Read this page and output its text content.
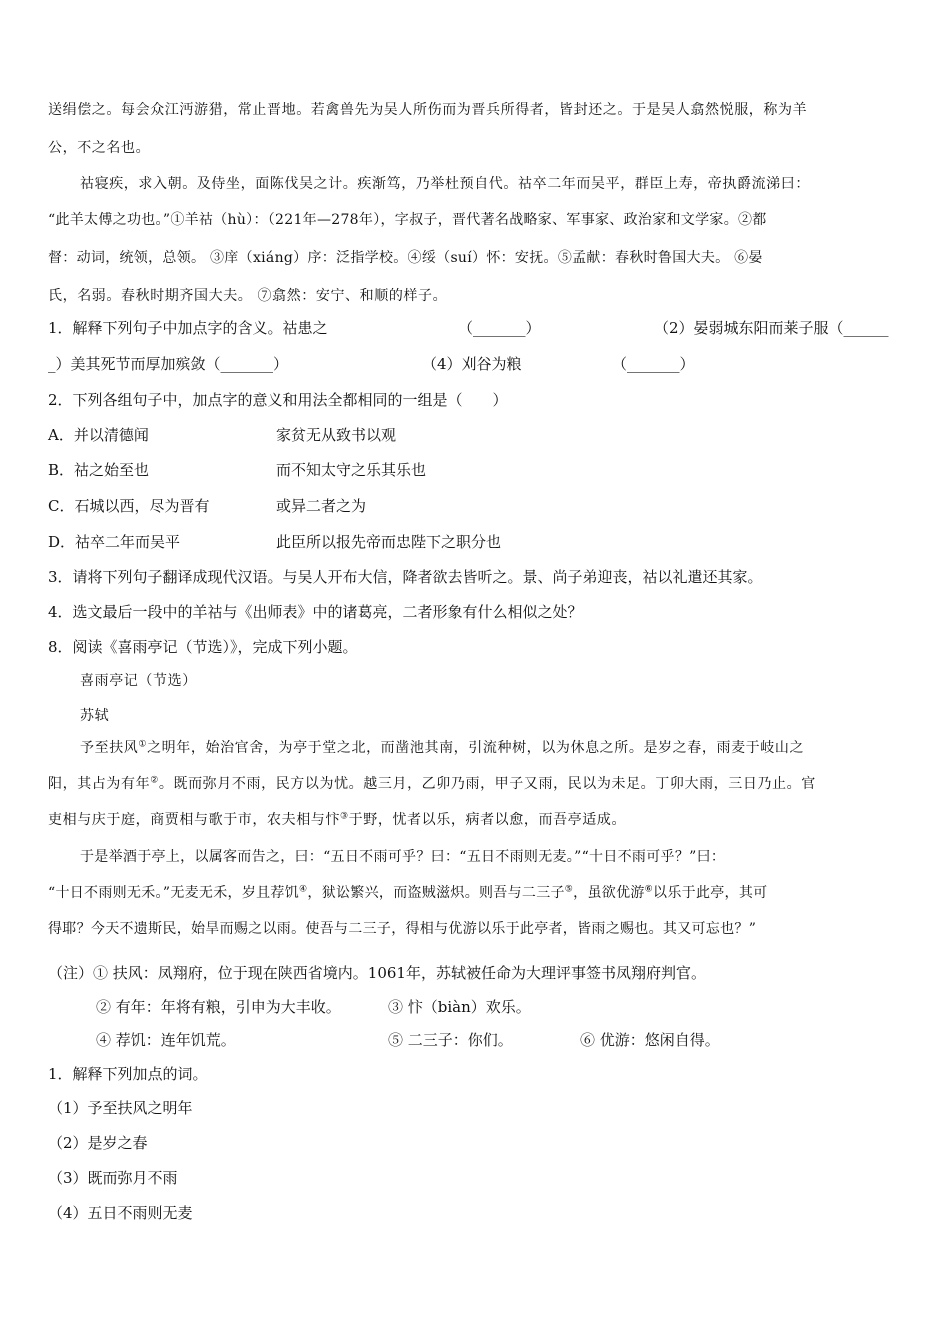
送绢偿之。每会众江沔游猎，常止晋地。若禽兽先为吴人所伤而为晋兵所得者，皆封还之。于是吴人翕然悦服，称为羊
公，不之名也。
祜寝疾，求入朝。及侍坐，面陈伐吴之计。疾渐笃，乃举杜预自代。祜卒二年而吴平，群臣上寿，帝执爵流涕曰：
“此羊太傅之功也。”①羊祜（hù）：（221年—278年），字叔子，晋代著名战略家、军事家、政治家和文学家。②都
督：动词，统领，总领。 ③庠（xiáng）序：泛指学校。④绥（suí）怀：安抚。⑤孟献：春秋时鲁国大夫。 ⑥晏
氏，名弱。春秋时期齐国大夫。 ⑦翕然：安宁、和顺的样子。
1．解释下列句子中加点字的含义。祜患之	（_______）	（2）晏弱城东阳而莱子服（______
_）美其死节而厚加殡敛（_______）	（4）刈谷为粮	（_______）
2．下列各组句子中，加点字的意义和用法全都相同的一组是（　　）
A．并以清德闻	家贫无从致书以观
B．祜之始至也	而不知太守之乐其乐也
C．石城以西，尽为晋有	或异二者之为
D．祜卒二年而吴平	此臣所以报先帝而忠陛下之职分也
3．请将下列句子翻译成现代汉语。与吴人开布大信，降者欲去皆听之。景、尚子弟迎丧，祜以礼遣还其家。
4．选文最后一段中的羊祜与《出师表》中的诸葛亮，二者形象有什么相似之处？
8．阅读《喜雨亭记（节选）》，完成下列小题。
喜雨亭记（节选）
苏轼
予至扶风①之明年，始治官舍，为亭于堂之北，而凿池其南，引流种树，以为休息之所。是岁之春，雨麦于岐山之
阳，其占为有年②。既而弥月不雨，民方以为忧。越三月，乙卯乃雨，甲子又雨，民以为未足。丁卯大雨，三日乃止。官
吏相与庆于庭，商贾相与歌于市，农夫相与忭③于野，忧者以乐，病者以愈，而吾亭适成。
于是举酒于亭上，以属客而告之，曰：“五日不雨可乎？曰：“五日不雨则无麦。”“十日不雨可乎？”曰：
“十日不雨则无禾。”无麦无禾，岁且荐饥④，狱讼繁兴，而盗贼滋炽。则吾与二三子⑤，虽欲优游⑥以乐于此亭，其可
得耶？今天不遗斯民，始旱而赐之以雨。使吾与二三子，得相与优游以乐于此亭者，皆雨之赐也。其又可忘也？”
（注）① 扶风：凤翔府，位于现在陕西省境内。1061年，苏轼被任命为大理评事签书凤翔府判官。
② 有年：年将有粮，引申为大丰收。	③ 忭（biàn）欢乐。
④ 荐饥：连年饥荒。	⑤ 二三子：你们。	⑥ 优游：悠闲自得。
1．解释下列加点的词。
（1）予至扶风之明年
（2）是岁之春
（3）既而弥月不雨
（4）五日不雨则无麦
